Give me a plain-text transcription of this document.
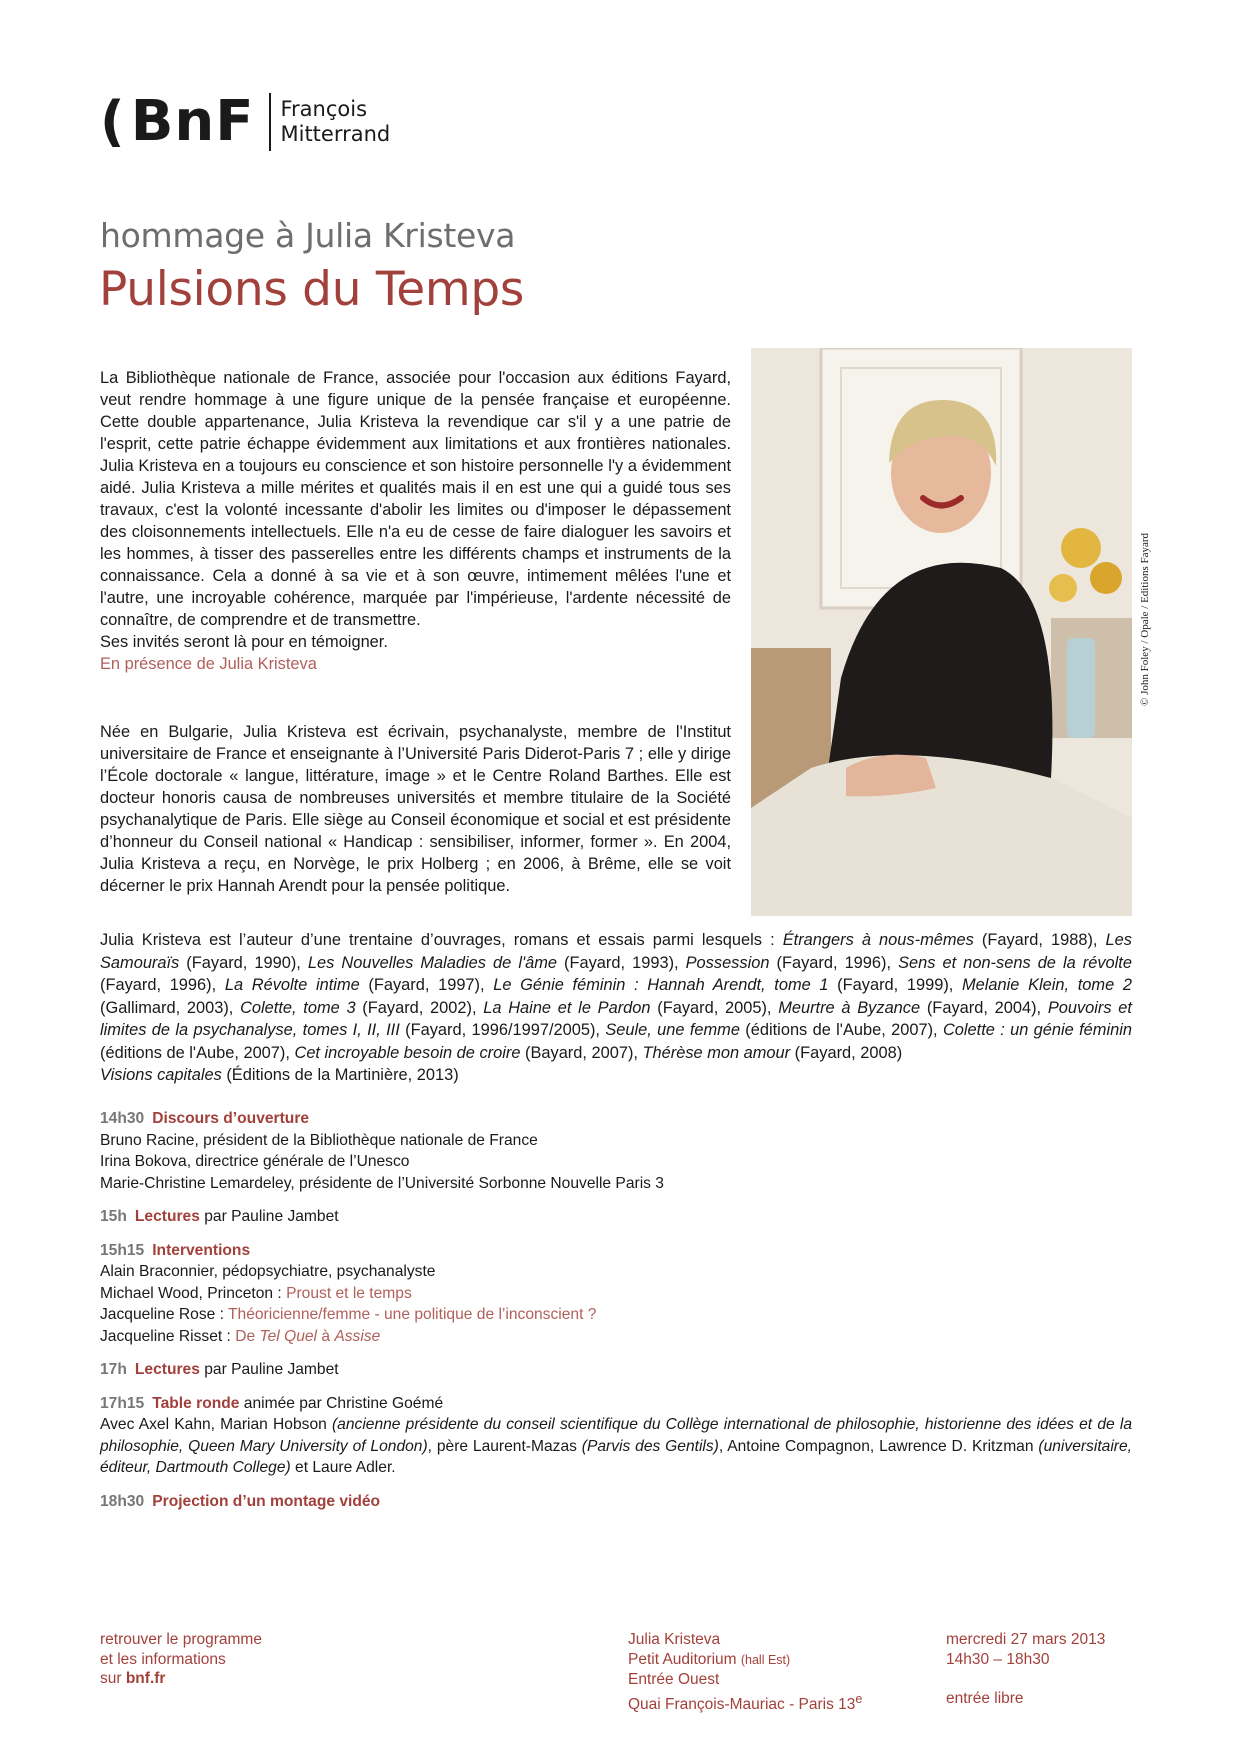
( BnF François
Mitterrand
hommage à Julia Kristeva
Pulsions du Temps
La Bibliothèque nationale de France, associée pour l'occasion aux éditions Fayard, veut rendre hommage à une figure unique de la pensée française et européenne. Cette double appartenance, Julia Kristeva la revendique car s'il y a une patrie de l'esprit, cette patrie échappe évidemment aux limitations et aux frontières nationales. Julia Kristeva en a toujours eu conscience et son histoire personnelle l'y a évidemment aidé. Julia Kristeva a mille mérites et qualités mais il en est une qui a guidé tous ses travaux, c'est la volonté incessante d'abolir les limites ou d'imposer le dépassement des cloisonnements intellectuels. Elle n'a eu de cesse de faire dialoguer les savoirs et les hommes, à tisser des passerelles entre les différents champs et instruments de la connaissance. Cela a donné à sa vie et à son œuvre, intimement mêlées l'une et l'autre, une incroyable cohérence, marquée par l'impérieuse, l'ardente nécessité de connaître, de comprendre et de transmettre.
Ses invités seront là pour en témoigner.
En présence de Julia Kristeva
Née en Bulgarie, Julia Kristeva est écrivain, psychanalyste, membre de l'Institut universitaire de France et enseignante à l’Université Paris Diderot-Paris 7 ; elle y dirige l’École doctorale « langue, littérature, image » et le Centre Roland Barthes. Elle est docteur honoris causa de nombreuses universités et membre titulaire de la Société psychanalytique de Paris. Elle siège au Conseil économique et social et est présidente d’honneur du Conseil national « Handicap : sensibiliser, informer, former ». En 2004, Julia Kristeva a reçu, en Norvège, le prix Holberg ; en 2006, à Brême, elle se voit décerner le prix Hannah Arendt pour la pensée politique.
© John Foley / Opale / Editions Fayard
Julia Kristeva est l’auteur d’une trentaine d’ouvrages, romans et essais parmi lesquels : Étrangers à nous-mêmes (Fayard, 1988), Les Samouraïs (Fayard, 1990), Les Nouvelles Maladies de l'âme (Fayard, 1993), Possession (Fayard, 1996), Sens et non-sens de la révolte (Fayard, 1996), La Révolte intime (Fayard, 1997), Le Génie féminin : Hannah Arendt, tome 1 (Fayard, 1999), Melanie Klein, tome 2 (Gallimard, 2003), Colette, tome 3 (Fayard, 2002), La Haine et le Pardon (Fayard, 2005), Meurtre à Byzance (Fayard, 2004), Pouvoirs et limites de la psychanalyse, tomes I, II, III (Fayard, 1996/1997/2005), Seule, une femme (éditions de l'Aube, 2007), Colette : un génie féminin (éditions de l'Aube, 2007), Cet incroyable besoin de croire (Bayard, 2007), Thérèse mon amour (Fayard, 2008)
Visions capitales (Éditions de la Martinière, 2013)
14h30 Discours d’ouverture
Bruno Racine, président de la Bibliothèque nationale de France
Irina Bokova, directrice générale de l’Unesco
Marie-Christine Lemardeley, présidente de l’Université Sorbonne Nouvelle Paris 3
15h Lectures par Pauline Jambet
15h15 Interventions
Alain Braconnier, pédopsychiatre, psychanalyste
Michael Wood, Princeton : Proust et le temps
Jacqueline Rose : Théoricienne/femme - une politique de l’inconscient ?
Jacqueline Risset : De Tel Quel à Assise
17h Lectures par Pauline Jambet
17h15 Table ronde animée par Christine Goémé
Avec Axel Kahn, Marian Hobson (ancienne présidente du conseil scientifique du Collège international de philosophie, historienne des idées et de la philosophie, Queen Mary University of London), père Laurent-Mazas (Parvis des Gentils), Antoine Compagnon, Lawrence D. Kritzman (universitaire, éditeur, Dartmouth College) et Laure Adler.
18h30 Projection d’un montage vidéo
retrouver le programme
et les informations
sur bnf.fr
Julia Kristeva
Petit Auditorium (hall Est)
Entrée Ouest
Quai François-Mauriac - Paris 13e
mercredi 27 mars 2013
14h30 – 18h30

entrée libre
